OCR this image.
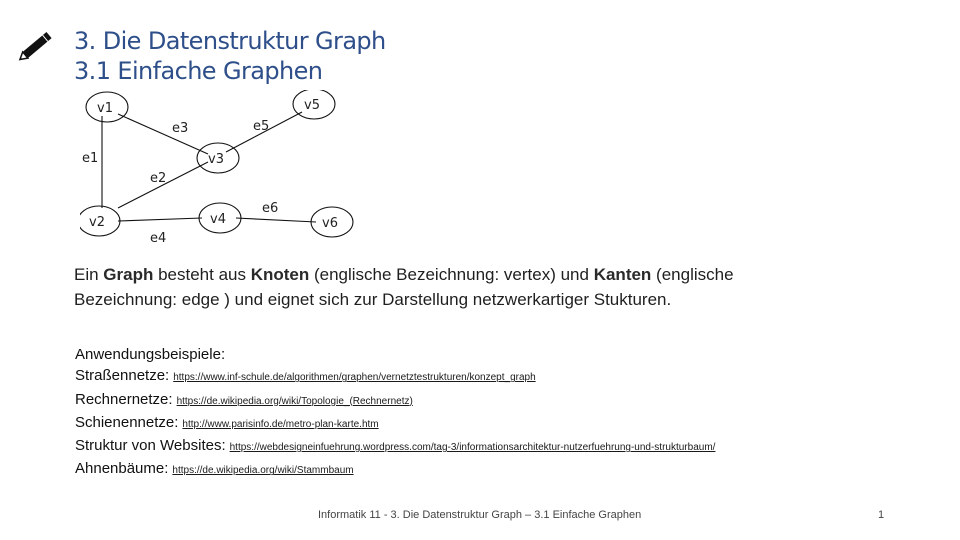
3. Die Datenstruktur Graph
3.1 Einfache Graphen
v1	v5
v3
v2	v4	v6
e3	e5
e1
e2
e4
e6
Ein Graph besteht aus Knoten (englische Bezeichnung: vertex) und Kanten (englische Bezeichnung: edge ) und eignet sich zur Darstellung netzwerkartiger Stukturen.
Anwendungsbeispiele:
Straßennetze: https://www.inf-schule.de/algorithmen/graphen/vernetztestrukturen/konzept_graph
Rechnernetze: https://de.wikipedia.org/wiki/Topologie_(Rechnernetz)
Schienennetze: http://www.parisinfo.de/metro-plan-karte.htm
Struktur von Websites: https://webdesigneinfuehrung.wordpress.com/tag-3/informationsarchitektur-nutzerfuehrung-und-strukturbaum/
Ahnenbäume: https://de.wikipedia.org/wiki/Stammbaum
Informatik 11 - 3. Die Datenstruktur Graph – 3.1 Einfache Graphen	1
